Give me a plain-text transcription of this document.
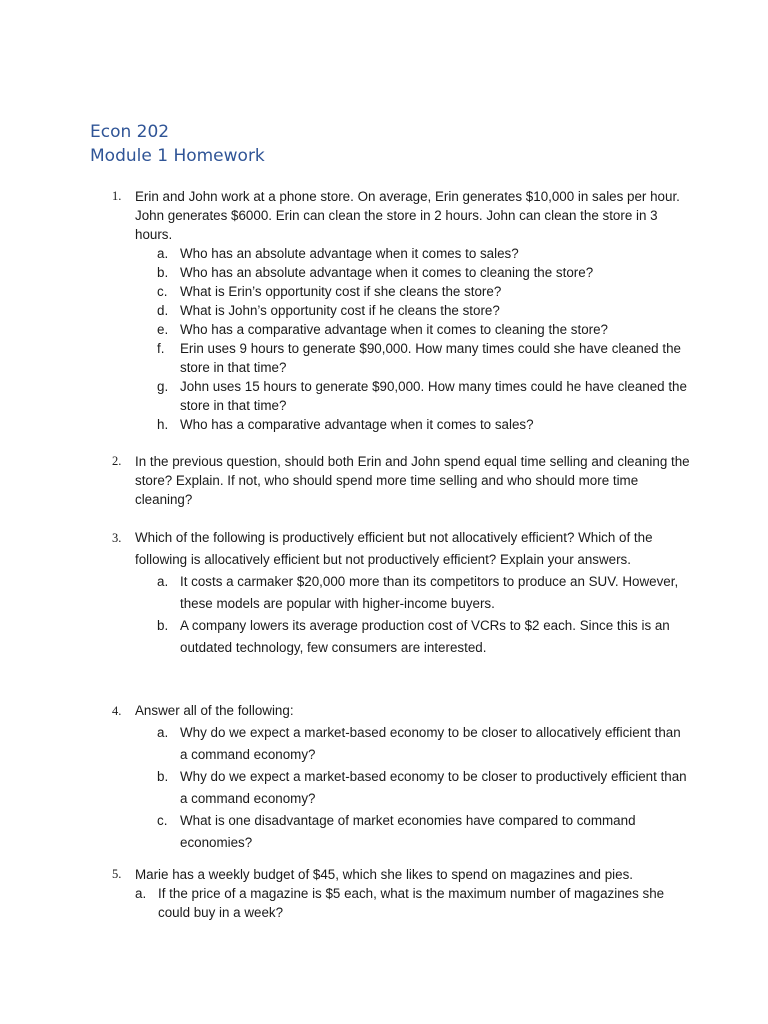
Econ 202
Module 1 Homework
1. Erin and John work at a phone store. On average, Erin generates $10,000 in sales per hour. John generates $6000. Erin can clean the store in 2 hours. John can clean the store in 3 hours.
a. Who has an absolute advantage when it comes to sales?
b. Who has an absolute advantage when it comes to cleaning the store?
c. What is Erin’s opportunity cost if she cleans the store?
d. What is John’s opportunity cost if he cleans the store?
e. Who has a comparative advantage when it comes to cleaning the store?
f. Erin uses 9 hours to generate $90,000. How many times could she have cleaned the store in that time?
g. John uses 15 hours to generate $90,000. How many times could he have cleaned the store in that time?
h. Who has a comparative advantage when it comes to sales?
2. In the previous question, should both Erin and John spend equal time selling and cleaning the store? Explain. If not, who should spend more time selling and who should more time cleaning?
3. Which of the following is productively efficient but not allocatively efficient? Which of the following is allocatively efficient but not productively efficient? Explain your answers.
a. It costs a carmaker $20,000 more than its competitors to produce an SUV. However, these models are popular with higher-income buyers.
b. A company lowers its average production cost of VCRs to $2 each. Since this is an outdated technology, few consumers are interested.
4. Answer all of the following:
a. Why do we expect a market-based economy to be closer to allocatively efficient than a command economy?
b. Why do we expect a market-based economy to be closer to productively efficient than a command economy?
c. What is one disadvantage of market economies have compared to command economies?
5. Marie has a weekly budget of $45, which she likes to spend on magazines and pies.
a. If the price of a magazine is $5 each, what is the maximum number of magazines she could buy in a week?
